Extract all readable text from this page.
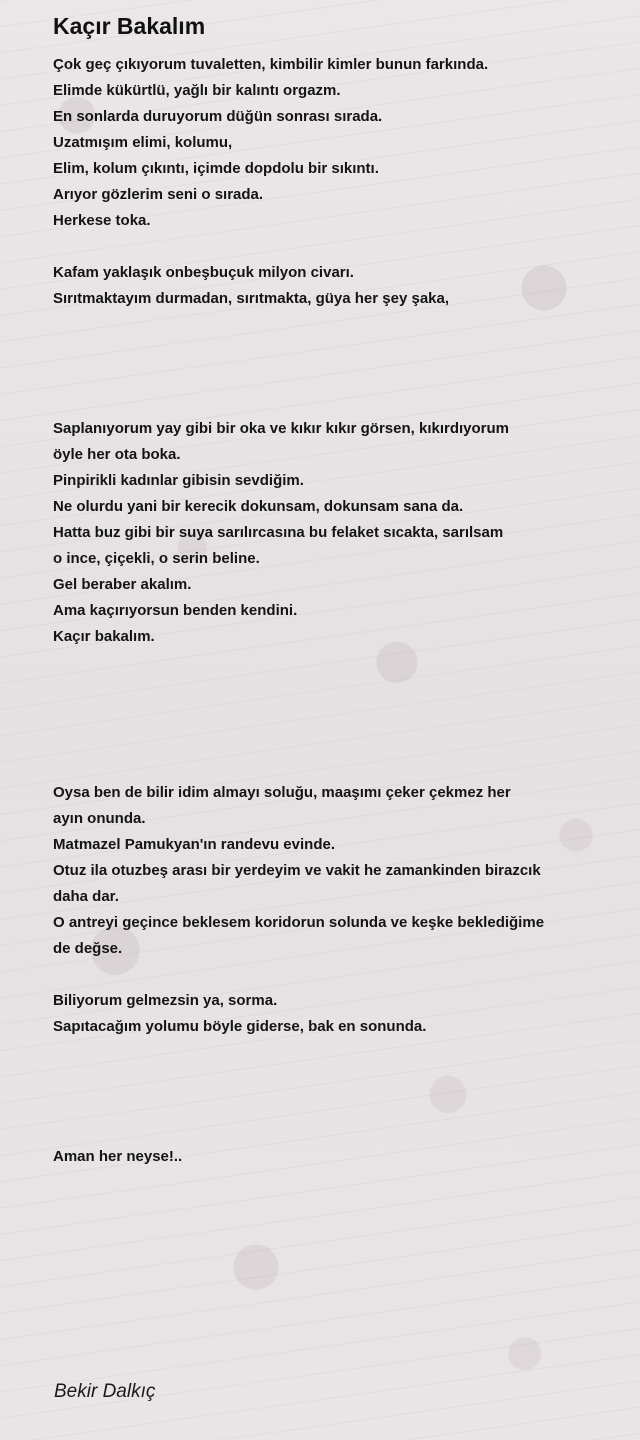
Kaçır Bakalım
Çok geç çıkıyorum tuvaletten, kimbilir kimler bunun farkında.
Elimde kükürtlü, yağlı bir kalıntı orgazm.
En sonlarda duruyorum düğün sonrası sırada.
Uzatmışım elimi, kolumu,
Elim, kolum çıkıntı, içimde dopdolu bir sıkıntı.
Arıyor gözlerim seni o sırada.
Herkese toka.
Kafam yaklaşık onbeşbuçuk milyon civarı.
Sırıtmaktayım durmadan, sırıtmakta, güya her şey şaka,
Saplanıyorum yay gibi bir oka ve kıkır kıkır görsen, kıkırdıyorum
öyle her ota boka.
Pinpirikli kadınlar gibisin sevdiğim.
Ne olurdu yani bir kerecik dokunsam, dokunsam sana da.
Hatta buz gibi bir suya sarılırcasına bu felaket sıcakta, sarılsam
o ince, çiçekli, o serin beline.
Gel beraber akalım.
Ama kaçırıyorsun benden kendini.
Kaçır bakalım.
Oysa ben de bilir idim almayı soluğu, maaşımı çeker çekmez her
ayın onunda.
Matmazel Pamukyan'ın randevu evinde.
Otuz ila otuzbeş arası bir yerdeyim ve vakit he zamankinden birazcık
daha dar.
O antreyi geçince beklesem koridorun solunda ve keşke beklediğime
de değse.
Biliyorum gelmezsin ya, sorma.
Sapıtacağım yolumu böyle giderse, bak en sonunda.
Aman her neyse!..
Bekir Dalkıç
